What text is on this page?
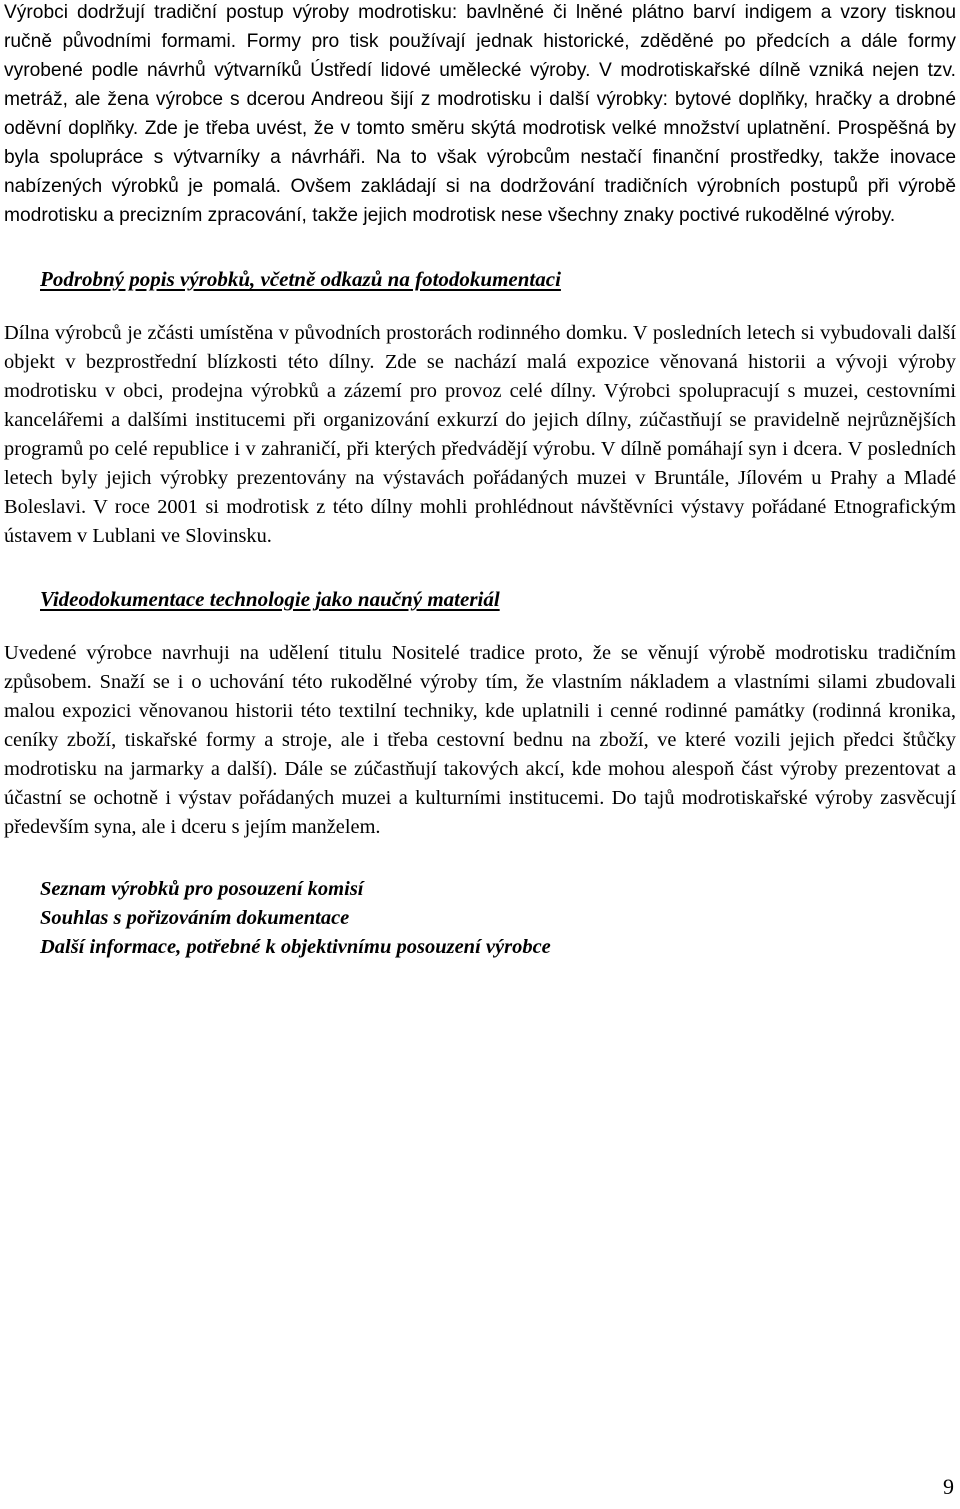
Výrobci dodržují tradiční postup výroby modrotisku: bavlněné či lněné plátno barví indigem a vzory tisknou ručně původními formami. Formy pro tisk používají jednak historické, zděděné po předcích a dále formy vyrobené podle návrhů výtvarníků Ústředí lidové umělecké výroby. V modrotiskařské dílně vzniká nejen tzv. metráž, ale žena výrobce s dcerou Andreou šijí z modrotisku i další výrobky: bytové doplňky, hračky a drobné oděvní doplňky. Zde je třeba uvést, že v tomto směru skýtá modrotisk velké množství uplatnění. Prospěšná by byla spolupráce s výtvarníky a návrháři. Na to však výrobcům nestačí finanční prostředky, takže inovace nabízených výrobků je pomalá. Ovšem zakládají si na dodržování tradičních výrobních postupů při výrobě modrotisku a precizním zpracování, takže jejich modrotisk nese všechny znaky poctivé rukodělné výroby.

Podrobný popis výrobků, včetně odkazů na fotodokumentaci

Dílna výrobců je zčásti umístěna v původních prostorách rodinného domku. V posledních letech si vybudovali další objekt v bezprostřední blízkosti této dílny. Zde se nachází malá expozice věnovaná historii a vývoji výroby modrotisku v obci, prodejna výrobků a zázemí pro provoz celé dílny. Výrobci spolupracují s muzei, cestovními kancelářemi a dalšími institucemi při organizování exkurzí do jejich dílny, zúčastňují se pravidelně nejrůznějších programů po celé republice i v zahraničí, při kterých předvádějí výrobu. V dílně pomáhají syn i dcera. V posledních letech byly jejich výrobky prezentovány na výstavách pořádaných muzei v Bruntále, Jílovém u Prahy a Mladé Boleslavi. V roce 2001 si modrotisk z této dílny mohli prohlédnout návštěvníci výstavy pořádané Etnografickým ústavem v Lublani ve Slovinsku.

Videodokumentace technologie jako naučný materiál

Uvedené výrobce navrhuji na udělení titulu Nositelé tradice proto, že se věnují výrobě modrotisku tradičním způsobem. Snaží se i o uchování této rukodělné výroby tím, že vlastním nákladem a vlastními silami zbudovali malou expozici věnovanou historii této textilní techniky, kde uplatnili i cenné rodinné památky (rodinná kronika, ceníky zboží, tiskařské formy a stroje, ale i třeba cestovní bednu na zboží, ve které vozili jejich předci štůčky modrotisku na jarmarky a další). Dále se zúčastňují takových akcí, kde mohou alespoň část výroby prezentovat a účastní se ochotně i výstav pořádaných muzei a kulturními institucemi. Do tajů modrotiskařské výroby zasvěcují především syna, ale i dceru s jejím manželem.

Seznam výrobků pro posouzení komisí
Souhlas s pořizováním dokumentace
Další informace, potřebné k objektivnímu posouzení výrobce
9
